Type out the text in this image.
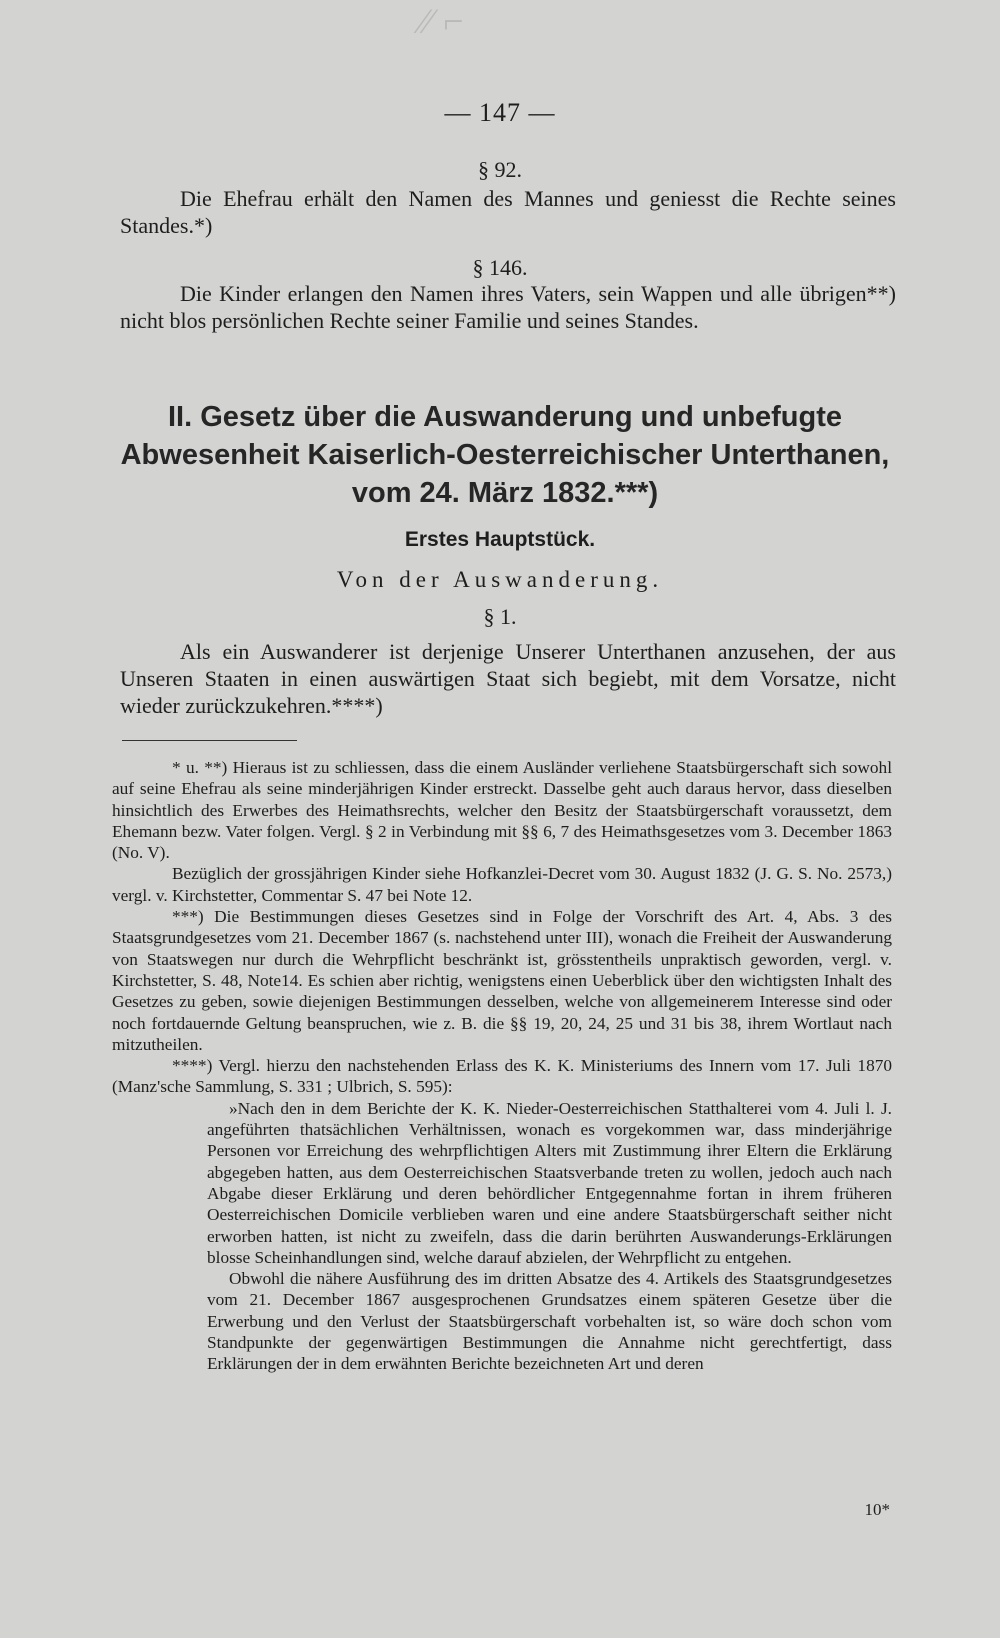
⁄⁄ ⌐
— 147 —
§ 92.
Die Ehefrau erhält den Namen des Mannes und geniesst die Rechte seines Standes.*)
§ 146.
Die Kinder erlangen den Namen ihres Vaters, sein Wappen und alle übrigen**) nicht blos persönlichen Rechte seiner Familie und seines Standes.
II. Gesetz über die Auswanderung und unbefugte Abwesenheit Kaiserlich-Oesterreichischer Unterthanen, vom 24. März 1832.***)
Erstes Hauptstück.
Von der Auswanderung.
§ 1.
Als ein Auswanderer ist derjenige Unserer Unterthanen anzusehen, der aus Unseren Staaten in einen auswärtigen Staat sich begiebt, mit dem Vorsatze, nicht wieder zurückzukehren.****)

* u. **) Hieraus ist zu schliessen, dass die einem Ausländer verliehene Staatsbürgerschaft sich sowohl auf seine Ehefrau als seine minderjährigen Kinder erstreckt. Dasselbe geht auch daraus hervor, dass dieselben hinsichtlich des Erwerbes des Heimathsrechts, welcher den Besitz der Staatsbürgerschaft voraussetzt, dem Ehemann bezw. Vater folgen. Vergl. § 2 in Verbindung mit §§ 6, 7 des Heimathsgesetzes vom 3. December 1863 (No. V).

Bezüglich der grossjährigen Kinder siehe Hofkanzlei-Decret vom 30. August 1832 (J. G. S. No. 2573,) vergl. v. Kirchstetter, Commentar S. 47 bei Note 12.

***) Die Bestimmungen dieses Gesetzes sind in Folge der Vorschrift des Art. 4, Abs. 3 des Staatsgrundgesetzes vom 21. December 1867 (s. nachstehend unter III), wonach die Freiheit der Auswanderung von Staatswegen nur durch die Wehrpflicht beschränkt ist, grösstentheils unpraktisch geworden, vergl. v. Kirchstetter, S. 48, Note14. Es schien aber richtig, wenigstens einen Ueberblick über den wichtigsten Inhalt des Gesetzes zu geben, sowie diejenigen Bestimmungen desselben, welche von allgemeinerem Interesse sind oder noch fortdauernde Geltung beanspruchen, wie z. B. die §§ 19, 20, 24, 25 und 31 bis 38, ihrem Wortlaut nach mitzutheilen.

****) Vergl. hierzu den nachstehenden Erlass des K. K. Ministeriums des Innern vom 17. Juli 1870 (Manz'sche Sammlung, S. 331 ; Ulbrich, S. 595):

»Nach den in dem Berichte der K. K. Nieder-Oesterreichischen Statthalterei vom 4. Juli l. J. angeführten thatsächlichen Verhältnissen, wonach es vorgekommen war, dass minderjährige Personen vor Erreichung des wehrpflichtigen Alters mit Zustimmung ihrer Eltern die Erklärung abgegeben hatten, aus dem Oesterreichischen Staatsverbande treten zu wollen, jedoch auch nach Abgabe dieser Erklärung und deren behördlicher Entgegennahme fortan in ihrem früheren Oesterreichischen Domicile verblieben waren und eine andere Staatsbürgerschaft seither nicht erworben hatten, ist nicht zu zweifeln, dass die darin berührten Auswanderungs-Erklärungen blosse Scheinhandlungen sind, welche darauf abzielen, der Wehrpflicht zu entgehen.

Obwohl die nähere Ausführung des im dritten Absatze des 4. Artikels des Staatsgrundgesetzes vom 21. December 1867 ausgesprochenen Grundsatzes einem späteren Gesetze über die Erwerbung und den Verlust der Staatsbürgerschaft vorbehalten ist, so wäre doch schon vom Standpunkte der gegenwärtigen Bestimmungen die Annahme nicht gerechtfertigt, dass Erklärungen der in dem erwähnten Berichte bezeichneten Art und deren

10*
